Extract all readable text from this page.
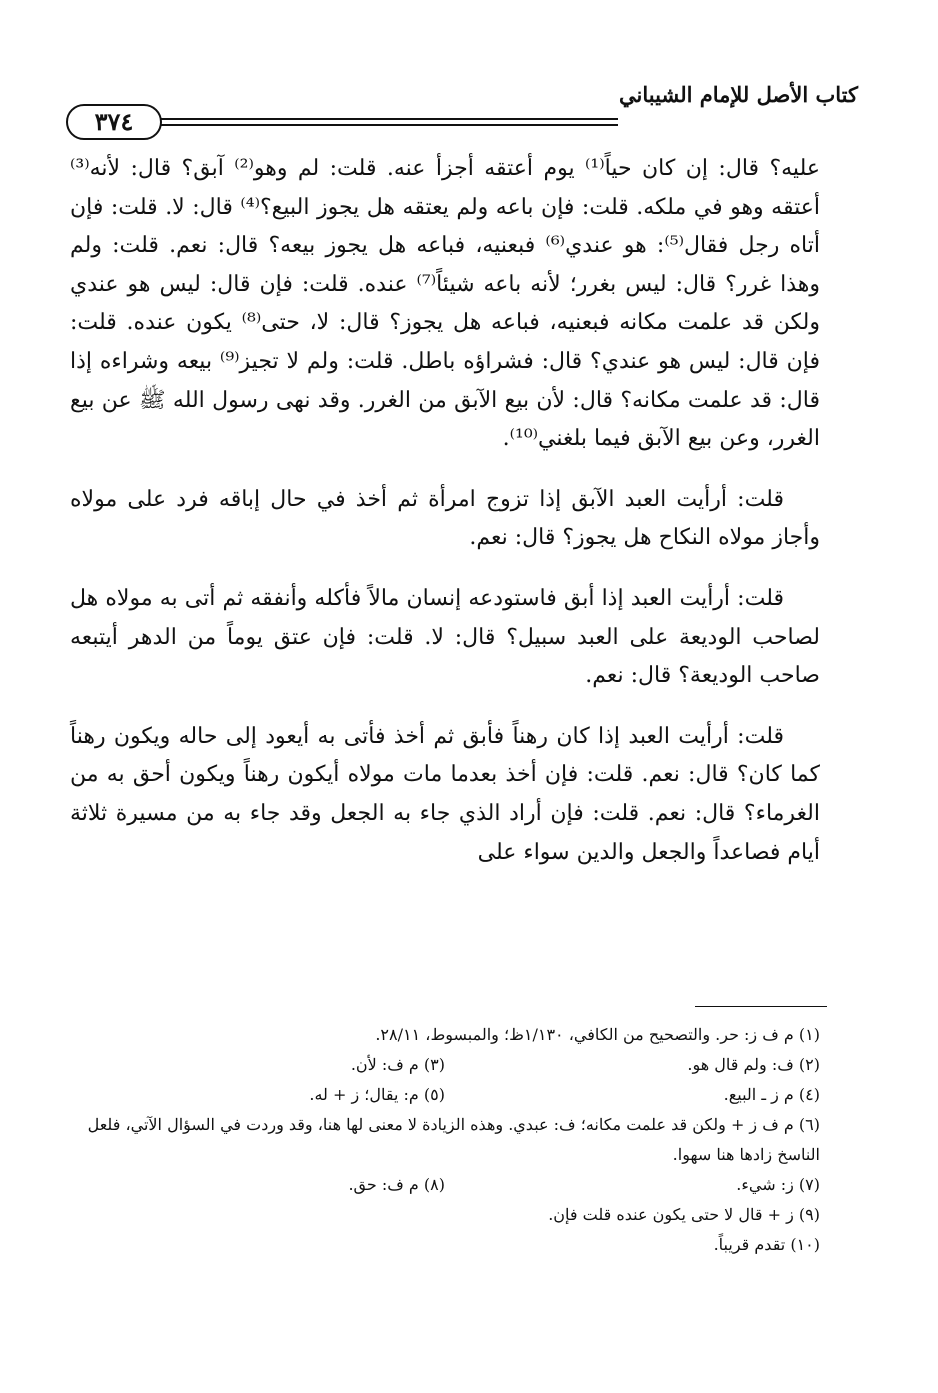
كتاب الأصل للإمام الشيباني
٣٧٤

عليه؟ قال: إن كان حياً⁽¹⁾ يوم أعتقه أجزأ عنه. قلت: لم وهو⁽²⁾ آبق؟ قال: لأنه⁽³⁾ أعتقه وهو في ملكه. قلت: فإن باعه ولم يعتقه هل يجوز البيع؟⁽⁴⁾ قال: لا. قلت: فإن أتاه رجل فقال⁽⁵⁾: هو عندي⁽⁶⁾ فبعنيه، فباعه هل يجوز بيعه؟ قال: نعم. قلت: ولم وهذا غرر؟ قال: ليس بغرر؛ لأنه باعه شيئاً⁽⁷⁾ عنده. قلت: فإن قال: ليس هو عندي ولكن قد علمت مكانه فبعنيه، فباعه هل يجوز؟ قال: لا، حتى⁽⁸⁾ يكون عنده. قلت: فإن قال: ليس هو عندي؟ قال: فشراؤه باطل. قلت: ولم لا تجيز⁽⁹⁾ بيعه وشراءه إذا قال: قد علمت مكانه؟ قال: لأن بيع الآبق من الغرر. وقد نهى رسول الله ﷺ عن بيع الغرر، وعن بيع الآبق فيما بلغني⁽¹⁰⁾.

قلت: أرأيت العبد الآبق إذا تزوج امرأة ثم أخذ في حال إباقه فرد على مولاه وأجاز مولاه النكاح هل يجوز؟ قال: نعم.

قلت: أرأيت العبد إذا أبق فاستودعه إنسان مالاً فأكله وأنفقه ثم أتى به مولاه هل لصاحب الوديعة على العبد سبيل؟ قال: لا. قلت: فإن عتق يوماً من الدهر أيتبعه صاحب الوديعة؟ قال: نعم.

قلت: أرأيت العبد إذا كان رهناً فأبق ثم أخذ فأتى به أيعود إلى حاله ويكون رهناً كما كان؟ قال: نعم. قلت: فإن أخذ بعدما مات مولاه أيكون رهناً ويكون أحق به من الغرماء؟ قال: نعم. قلت: فإن أراد الذي جاء به الجعل وقد جاء به من مسيرة ثلاثة أيام فصاعداً والجعل والدين سواء على

(١) م ف ز: حر. والتصحيح من الكافي، ١/١٣٠ظ؛ والمبسوط، ٢٨/١١.
(٢) ف: ولم قال هو.
(٣) م ف: لأن.
(٤) م ز ـ البيع.
(٥) م: يقال؛ ز + له.
(٦) م ف ز + ولكن قد علمت مكانه؛ ف: عبدي. وهذه الزيادة لا معنى لها هنا، وقد وردت في السؤال الآتي، فلعل الناسخ زادها هنا سهوا.
(٧) ز: شيء.
(٨) م ف: حق.
(٩) ز + قال لا حتى يكون عنده قلت فإن.
(١٠) تقدم قريباً.
